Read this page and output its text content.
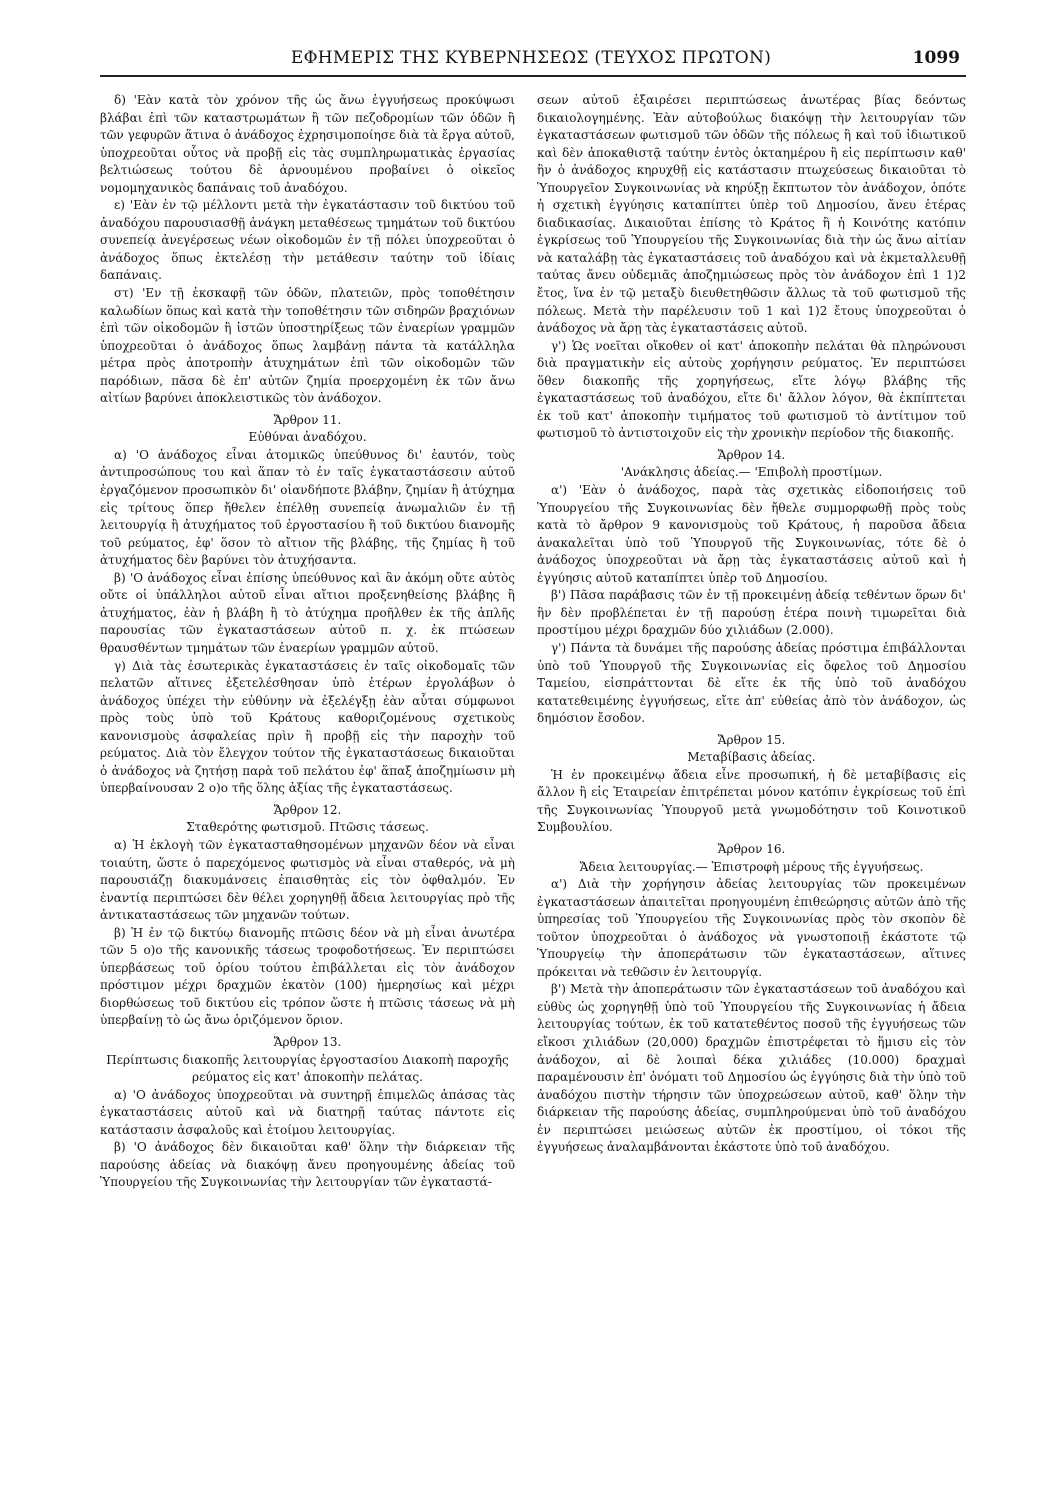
ΕΦΗΜΕΡΙΣ ΤΗΣ ΚΥΒΕΡΝΗΣΕΩΣ (ΤΕΥΧΟΣ ΠΡΩΤΟΝ)	1099

δ) 'Εὰν κατὰ τὸν χρόνον τῆς ὡς ἄνω ἐγγυήσεως προκύψωσι βλάβαι ἐπὶ τῶν καταστρωμάτων ἢ τῶν πεζοδρομίων τῶν ὁδῶν ἢ τῶν γεφυρῶν ἅτινα ὁ ἀνάδοχος ἐχρησιμοποίησε διὰ τὰ ἔργα αὐτοῦ, ὑποχρεοῦται οὗτος νὰ προβῇ εἰς τὰς συμπληρωματικὰς ἐργασίας βελτιώσεως τούτου δὲ ἀρνουμένου προβαίνει ὁ οἰκεῖος νομομηχανικὸς δαπάναις τοῦ ἀναδόχου.

ε) 'Εὰν ἐν τῷ μέλλοντι μετὰ τὴν ἐγκατάστασιν τοῦ δικτύου τοῦ ἀναδόχου παρουσιασθῇ ἀνάγκη μεταθέσεως τμημάτων τοῦ δικτύου συνεπείᾳ ἀνεγέρσεως νέων οἰκοδομῶν ἐν τῇ πόλει ὑποχρεοῦται ὁ ἀνάδοχος ὅπως ἐκτελέσῃ τὴν μετάθεσιν ταύτην τοῦ ἰδίαις δαπάναις.

στ) 'Εν τῇ ἐκσκαφῇ τῶν ὁδῶν, πλατειῶν, πρὸς τοποθέτησιν καλωδίων ὅπως καὶ κατὰ τὴν τοποθέτησιν τῶν σιδηρῶν βραχιόνων ἐπὶ τῶν οἰκοδομῶν ἢ ἱστῶν ὑποστηρίξεως τῶν ἐναερίων γραμμῶν ὑποχρεοῦται ὁ ἀνάδοχος ὅπως λαμβάνῃ πάντα τὰ κατάλληλα μέτρα πρὸς ἀποτροπὴν ἀτυχημάτων ἐπὶ τῶν οἰκοδομῶν τῶν παρόδιων, πᾶσα δὲ ἐπ' αὐτῶν ζημία προερχομένη ἐκ τῶν ἄνω αἰτίων βαρύνει ἀποκλειστικῶς τὸν ἀνάδοχον.

Ἄρθρον 11.

Εὐθύναι ἀναδόχου.

α) 'Ο ἀνάδοχος εἶναι ἀτομικῶς ὑπεύθυνος δι' ἑαυτόν, τοὺς ἀντιπροσώπους του καὶ ἅπαν τὸ ἐν ταῖς ἐγκαταστάσεσιν αὐτοῦ ἐργαζόμενον προσωπικὸν δι' οἱανδήποτε βλάβην, ζημίαν ἢ ἀτύχημα εἰς τρίτους ὅπερ ἤθελεν ἐπέλθῃ συνεπείᾳ ἀνωμαλιῶν ἐν τῇ λειτουργίᾳ ἢ ἀτυχήματος τοῦ ἐργοστασίου ἢ τοῦ δικτύου διανομῆς τοῦ ρεύματος, ἐφ' ὅσον τὸ αἴτιον τῆς βλάβης, τῆς ζημίας ἢ τοῦ ἀτυχήματος δὲν βαρύνει τὸν ἀτυχήσαντα.

β) 'Ο ἀνάδοχος εἶναι ἐπίσης ὑπεύθυνος καὶ ἂν ἀκόμη οὔτε αὐτὸς οὔτε οἱ ὑπάλληλοι αὐτοῦ εἶναι αἴτιοι προξενηθείσης βλάβης ἢ ἀτυχήματος, ἐὰν ἡ βλάβη ἢ τὸ ἀτύχημα προῆλθεν ἐκ τῆς ἁπλῆς παρουσίας τῶν ἐγκαταστάσεων αὐτοῦ π. χ. ἐκ πτώσεων θραυσθέντων τμημάτων τῶν ἐναερίων γραμμῶν αὐτοῦ.

γ) Διὰ τὰς ἐσωτερικὰς ἐγκαταστάσεις ἐν ταῖς οἰκοδομαῖς τῶν πελατῶν αἵτινες ἐξετελέσθησαν ὑπὸ ἑτέρων ἐργολάβων ὁ ἀνάδοχος ὑπέχει τὴν εὐθύνην νὰ ἐξελέγξῃ ἐὰν αὗται σύμφωνοι πρὸς τοὺς ὑπὸ τοῦ Κράτους καθοριζομένους σχετικοὺς κανονισμοὺς ἀσφαλείας πρὶν ἢ προβῇ εἰς τὴν παροχὴν τοῦ ρεύματος. Διὰ τὸν ἔλεγχον τούτον τῆς ἐγκαταστάσεως δικαιοῦται ὁ ἀνάδοχος νὰ ζητήσῃ παρὰ τοῦ πελάτου ἐφ' ἅπαξ ἀποζημίωσιν μὴ ὑπερβαίνουσαν 2 ο)ο τῆς ὅλης ἀξίας τῆς ἐγκαταστάσεως.

Ἄρθρον 12.

Σταθερότης φωτισμοῦ. Πτῶσις τάσεως.

α) Ἡ ἐκλογὴ τῶν ἐγκατασταθησομένων μηχανῶν δέον νὰ εἶναι τοιαύτη, ὥστε ὁ παρεχόμενος φωτισμὸς νὰ εἶναι σταθερός, νὰ μὴ παρουσιάζῃ διακυμάνσεις ἐπαισθητὰς εἰς τὸν ὀφθαλμόν. Ἐν ἐναντίᾳ περιπτώσει δὲν θέλει χορηγηθῇ ἄδεια λειτουργίας πρὸ τῆς ἀντικαταστάσεως τῶν μηχανῶν τούτων.

β) Ἡ ἐν τῷ δικτύῳ διανομῆς πτῶσις δέον νὰ μὴ εἶναι ἀνωτέρα τῶν 5 ο)ο τῆς κανονικῆς τάσεως τροφοδοτήσεως. Ἐν περιπτώσει ὑπερβάσεως τοῦ ὁρίου τούτου ἐπιβάλλεται εἰς τὸν ἀνάδοχον πρόστιμον μέχρι δραχμῶν ἑκατὸν (100) ἡμερησίως καὶ μέχρι διορθώσεως τοῦ δικτύου εἰς τρόπον ὥστε ἡ πτῶσις τάσεως νὰ μὴ ὑπερβαίνῃ τὸ ὡς ἄνω ὁριζόμενον ὅριον.

Ἄρθρον 13.

Περίπτωσις διακοπῆς λειτουργίας ἐργοστασίου Διακοπὴ παροχῆς ρεύματος εἰς κατ' ἀποκοπὴν πελάτας.

α) 'Ο ἀνάδοχος ὑποχρεοῦται νὰ συντηρῇ ἐπιμελῶς ἁπάσας τὰς ἐγκαταστάσεις αὐτοῦ καὶ νὰ διατηρῇ ταύτας πάντοτε εἰς κατάστασιν ἀσφαλοῦς καὶ ἑτοίμου λειτουργίας.

β) 'Ο ἀνάδοχος δὲν δικαιοῦται καθ' ὅλην τὴν διάρκειαν τῆς παρούσης ἀδείας νὰ διακόψῃ ἄνευ προηγουμένης ἀδείας τοῦ Ὑπουργείου τῆς Συγκοινωνίας τὴν λειτουργίαν τῶν ἐγκαταστά-

σεων αὐτοῦ ἐξαιρέσει περιπτώσεως ἀνωτέρας βίας δεόντως δικαιολογημένης. Ἐὰν αὐτοβούλως διακόψῃ τὴν λειτουργίαν τῶν ἐγκαταστάσεων φωτισμοῦ τῶν ὁδῶν τῆς πόλεως ἢ καὶ τοῦ ἰδιωτικοῦ καὶ δὲν ἀποκαθιστᾷ ταύτην ἐντὸς ὀκταημέρου ἢ εἰς περίπτωσιν καθ' ἣν ὁ ἀνάδοχος κηρυχθῇ εἰς κατάστασιν πτωχεύσεως δικαιοῦται τὸ Ὑπουργεῖον Συγκοινωνίας νὰ κηρύξῃ ἔκπτωτον τὸν ἀνάδοχον, ὁπότε ἡ σχετικὴ ἐγγύησις καταπίπτει ὑπὲρ τοῦ Δημοσίου, ἄνευ ἑτέρας διαδικασίας. Δικαιοῦται ἐπίσης τὸ Κράτος ἢ ἡ Κοινότης κατόπιν ἐγκρίσεως τοῦ Ὑπουργείου τῆς Συγκοινωνίας διὰ τὴν ὡς ἄνω αἰτίαν νὰ καταλάβῃ τὰς ἐγκαταστάσεις τοῦ ἀναδόχου καὶ νὰ ἐκμεταλλευθῇ ταύτας ἄνευ οὐδεμιᾶς ἀποζημιώσεως πρὸς τὸν ἀνάδοχον ἐπὶ 1 1)2 ἔτος, ἵνα ἐν τῷ μεταξὺ διευθετηθῶσιν ἄλλως τὰ τοῦ φωτισμοῦ τῆς πόλεως. Μετὰ τὴν παρέλευσιν τοῦ 1 καὶ 1)2 ἔτους ὑποχρεοῦται ὁ ἀνάδοχος νὰ ἄρῃ τὰς ἐγκαταστάσεις αὐτοῦ.

γ') Ὡς νοεῖται οἴκοθεν οἱ κατ' ἀποκοπὴν πελάται θὰ πληρώνουσι διὰ πραγματικὴν εἰς αὐτοὺς χορήγησιν ρεύματος. Ἐν περιπτώσει ὅθεν διακοπῆς τῆς χορηγήσεως, εἴτε λόγῳ βλάβης τῆς ἐγκαταστάσεως τοῦ ἀναδόχου, εἴτε δι' ἄλλον λόγον, θὰ ἐκπίπτεται ἐκ τοῦ κατ' ἀποκοπὴν τιμήματος τοῦ φωτισμοῦ τὸ ἀντίτιμον τοῦ φωτισμοῦ τὸ ἀντιστοιχοῦν εἰς τὴν χρονικὴν περίοδον τῆς διακοπῆς.

Ἄρθρον 14.

'Ανάκλησις ἀδείας.— 'Επιβολὴ προστίμων.

α') 'Εὰν ὁ ἀνάδοχος, παρὰ τὰς σχετικὰς εἰδοποιήσεις τοῦ Ὑπουργείου τῆς Συγκοινωνίας δὲν ἤθελε συμμορφωθῇ πρὸς τοὺς κατὰ τὸ ἄρθρον 9 κανονισμοὺς τοῦ Κράτους, ἡ παροῦσα ἄδεια ἀνακαλεῖται ὑπὸ τοῦ Ὑπουργοῦ τῆς Συγκοινωνίας, τότε δὲ ὁ ἀνάδοχος ὑποχρεοῦται νὰ ἄρῃ τὰς ἐγκαταστάσεις αὐτοῦ καὶ ἡ ἐγγύησις αὐτοῦ καταπίπτει ὑπὲρ τοῦ Δημοσίου.

β') Πᾶσα παράβασις τῶν ἐν τῇ προκειμένῃ ἀδείᾳ τεθέντων ὅρων δι' ἣν δὲν προβλέπεται ἐν τῇ παρούσῃ ἑτέρα ποινὴ τιμωρεῖται διὰ προστίμου μέχρι δραχμῶν δύο χιλιάδων (2.000).

γ') Πάντα τὰ δυνάμει τῆς παρούσης ἀδείας πρόστιμα ἐπιβάλλονται ὑπὸ τοῦ Ὑπουργοῦ τῆς Συγκοινωνίας εἰς ὄφελος τοῦ Δημοσίου Ταμείου, εἰσπράττονται δὲ εἴτε ἐκ τῆς ὑπὸ τοῦ ἀναδόχου κατατεθειμένης ἐγγυήσεως, εἴτε ἀπ' εὐθείας ἀπὸ τὸν ἀνάδοχον, ὡς δημόσιον ἔσοδον.

Ἄρθρον 15.

Μεταβίβασις ἀδείας.

Ἡ ἐν προκειμένῳ ἄδεια εἶνε προσωπική, ἡ δὲ μεταβίβασις εἰς ἄλλον ἢ εἰς Ἑταιρείαν ἐπιτρέπεται μόνον κατόπιν ἐγκρίσεως τοῦ ἐπὶ τῆς Συγκοινωνίας Ὑπουργοῦ μετὰ γνωμοδότησιν τοῦ Κοινοτικοῦ Συμβουλίου.

Ἄρθρον 16.

Ἄδεια λειτουργίας.— Ἐπιστροφὴ μέρους τῆς ἐγγυήσεως.

α') Διὰ τὴν χορήγησιν ἀδείας λειτουργίας τῶν προκειμένων ἐγκαταστάσεων ἀπαιτεῖται προηγουμένη ἐπιθεώρησις αὐτῶν ἀπὸ τῆς ὑπηρεσίας τοῦ Ὑπουργείου τῆς Συγκοινωνίας πρὸς τὸν σκοπὸν δὲ τοῦτον ὑποχρεοῦται ὁ ἀνάδοχος νὰ γνωστοποιῇ ἑκάστοτε τῷ Ὑπουργείῳ τὴν ἀποπεράτωσιν τῶν ἐγκαταστάσεων, αἵτινες πρόκειται νὰ τεθῶσιν ἐν λειτουργίᾳ.

β') Μετὰ τὴν ἀποπεράτωσιν τῶν ἐγκαταστάσεων τοῦ ἀναδόχου καὶ εὐθὺς ὡς χορηγηθῇ ὑπὸ τοῦ Ὑπουργείου τῆς Συγκοινωνίας ἡ ἄδεια λειτουργίας τούτων, ἐκ τοῦ κατατεθέντος ποσοῦ τῆς ἐγγυήσεως τῶν εἴκοσι χιλιάδων (20,000) δραχμῶν ἐπιστρέφεται τὸ ἥμισυ εἰς τὸν ἀνάδοχον, αἱ δὲ λοιπαὶ δέκα χιλιάδες (10.000) δραχμαὶ παραμένουσιν ἐπ' ὀνόματι τοῦ Δημοσίου ὡς ἐγγύησις διὰ τὴν ὑπὸ τοῦ ἀναδόχου πιστὴν τήρησιν τῶν ὑποχρεώσεων αὐτοῦ, καθ' ὅλην τὴν διάρκειαν τῆς παρούσης ἀδείας, συμπληρούμεναι ὑπὸ τοῦ ἀναδόχου ἐν περιπτώσει μειώσεως αὐτῶν ἐκ προστίμου, οἱ τόκοι τῆς ἐγγυήσεως ἀναλαμβάνονται ἑκάστοτε ὑπὸ τοῦ ἀναδόχου.
